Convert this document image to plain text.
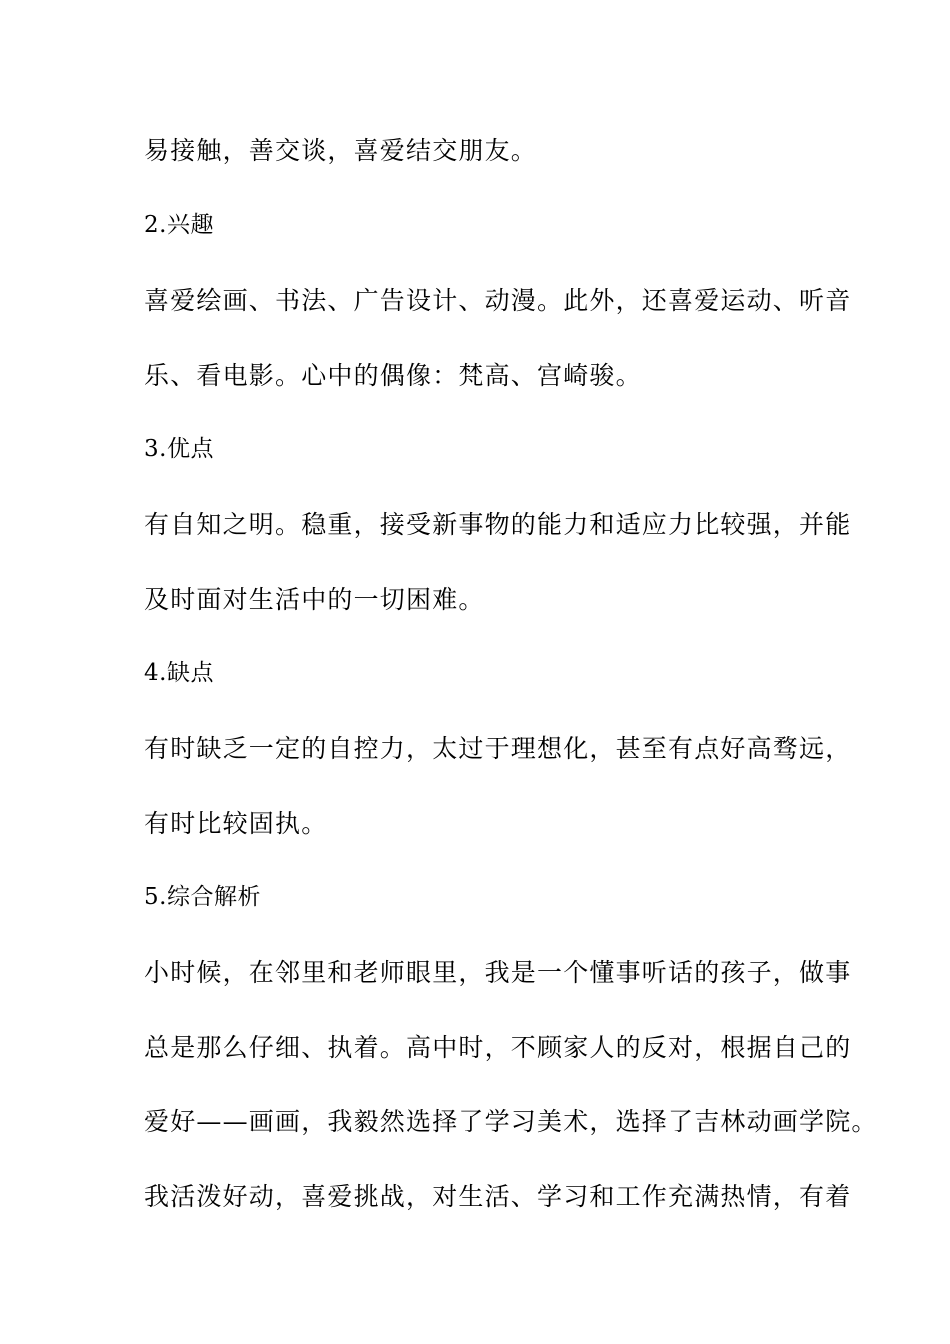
易接触，善交谈，喜爱结交朋友。

2.兴趣

喜爱绘画、书法、广告设计、动漫。此外，还喜爱运动、听音

乐、看电影。心中的偶像：梵高、宫崎骏。

3.优点

有自知之明。稳重，接受新事物的能力和适应力比较强，并能

及时面对生活中的一切困难。

4.缺点

有时缺乏一定的自控力，太过于理想化，甚至有点好高骛远，

有时比较固执。

5.综合解析

小时候，在邻里和老师眼里，我是一个懂事听话的孩子，做事

总是那么仔细、执着。高中时，不顾家人的反对，根据自己的

爱好——画画，我毅然选择了学习美术，选择了吉林动画学院。

我活泼好动，喜爱挑战，对生活、学习和工作充满热情，有着
